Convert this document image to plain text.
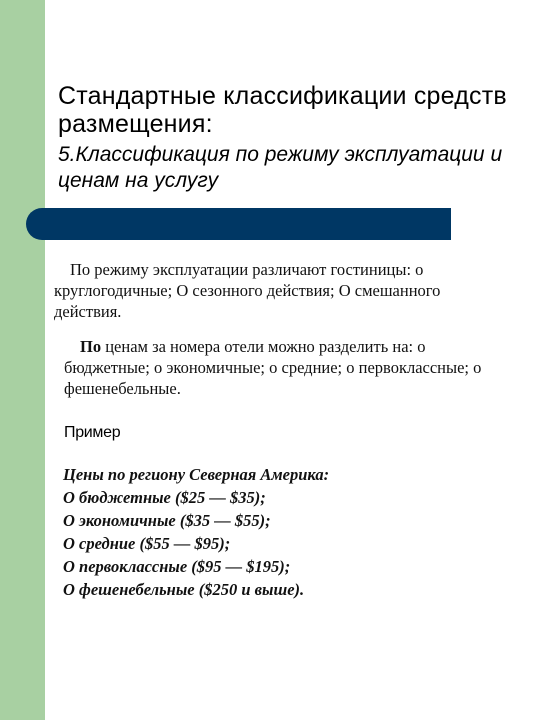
Стандартные классификации средств размещения:
5.Классификация по режиму эксплуатации и ценам на услугу
По режиму эксплуатации различают гостиницы: о круглогодичные; О сезонного действия; О смешанного действия.
По ценам за номера отели можно разделить на: о бюджетные; о экономичные; о средние; о первоклассные; о фешенебельные.
Пример
Цены по региону Северная Америка:
О бюджетные ($25 — $35);
О экономичные ($35 — $55);
О средние ($55 — $95);
О первоклассные ($95 — $195);
О фешенебельные ($250 и выше).
